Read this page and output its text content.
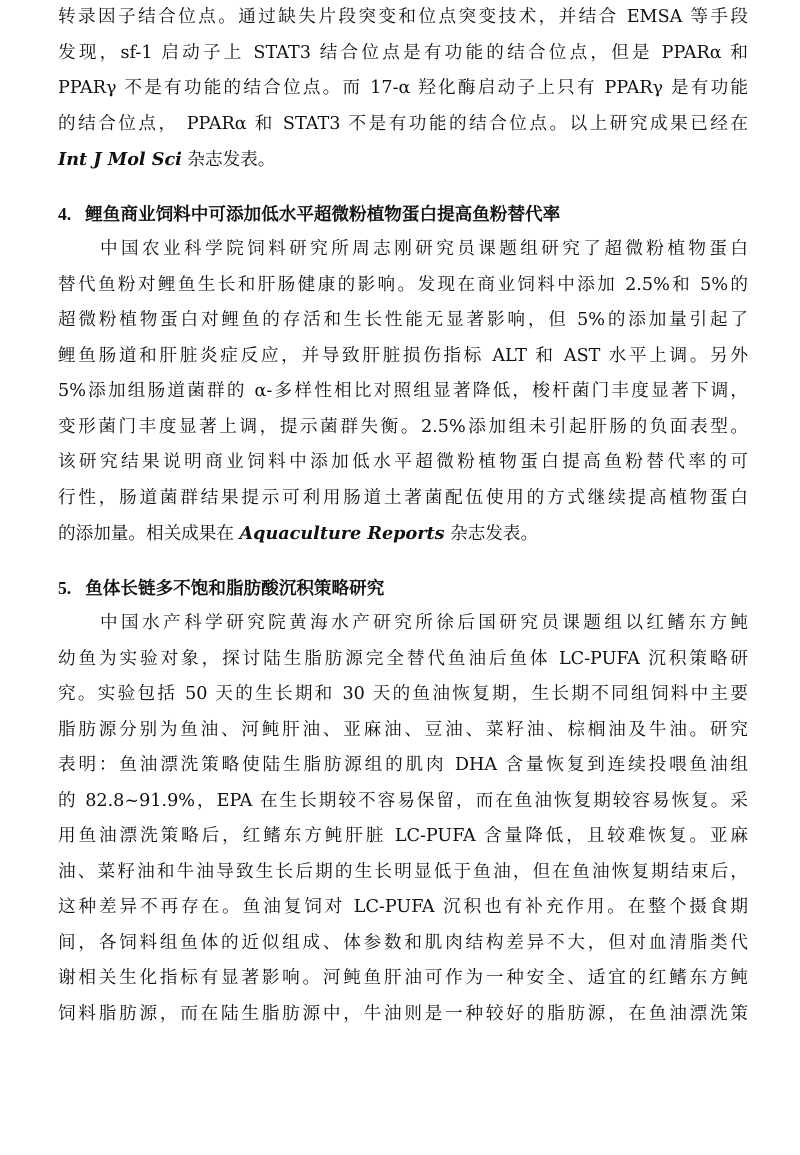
转录因子结合位点。通过缺失片段突变和位点突变技术，并结合 EMSA 等手段
发现，sf-1 启动子上 STAT3 结合位点是有功能的结合位点，但是 PPARα 和
PPARγ 不是有功能的结合位点。而 17-α 羟化酶启动子上只有 PPARγ 是有功能
的结合位点， PPARα 和 STAT3 不是有功能的结合位点。以上研究成果已经在
Int J Mol Sci 杂志发表。
4. 鲤鱼商业饲料中可添加低水平超微粉植物蛋白提高鱼粉替代率
　　中国农业科学院饲料研究所周志刚研究员课题组研究了超微粉植物蛋白
替代鱼粉对鲤鱼生长和肝肠健康的影响。发现在商业饲料中添加 2.5%和 5%的
超微粉植物蛋白对鲤鱼的存活和生长性能无显著影响，但 5%的添加量引起了
鲤鱼肠道和肝脏炎症反应，并导致肝脏损伤指标 ALT 和 AST 水平上调。另外
5%添加组肠道菌群的 α-多样性相比对照组显著降低，梭杆菌门丰度显著下调，
变形菌门丰度显著上调，提示菌群失衡。2.5%添加组未引起肝肠的负面表型。
该研究结果说明商业饲料中添加低水平超微粉植物蛋白提高鱼粉替代率的可
行性，肠道菌群结果提示可利用肠道土著菌配伍使用的方式继续提高植物蛋白
的添加量。相关成果在 Aquaculture Reports 杂志发表。
5. 鱼体长链多不饱和脂肪酸沉积策略研究
　　中国水产科学研究院黄海水产研究所徐后国研究员课题组以红鳍东方鲀
幼鱼为实验对象，探讨陆生脂肪源完全替代鱼油后鱼体 LC-PUFA 沉积策略研
究。实验包括 50 天的生长期和 30 天的鱼油恢复期，生长期不同组饲料中主要
脂肪源分别为鱼油、河鲀肝油、亚麻油、豆油、菜籽油、棕榈油及牛油。研究
表明：鱼油漂洗策略使陆生脂肪源组的肌肉 DHA 含量恢复到连续投喂鱼油组
的 82.8~91.9%，EPA 在生长期较不容易保留，而在鱼油恢复期较容易恢复。采
用鱼油漂洗策略后，红鳍东方鲀肝脏 LC-PUFA 含量降低，且较难恢复。亚麻
油、菜籽油和牛油导致生长后期的生长明显低于鱼油，但在鱼油恢复期结束后，
这种差异不再存在。鱼油复饲对 LC-PUFA 沉积也有补充作用。在整个摄食期
间，各饲料组鱼体的近似组成、体参数和肌肉结构差异不大，但对血清脂类代
谢相关生化指标有显著影响。河鲀鱼肝油可作为一种安全、适宜的红鳍东方鲀
饲料脂肪源，而在陆生脂肪源中，牛油则是一种较好的脂肪源，在鱼油漂洗策
